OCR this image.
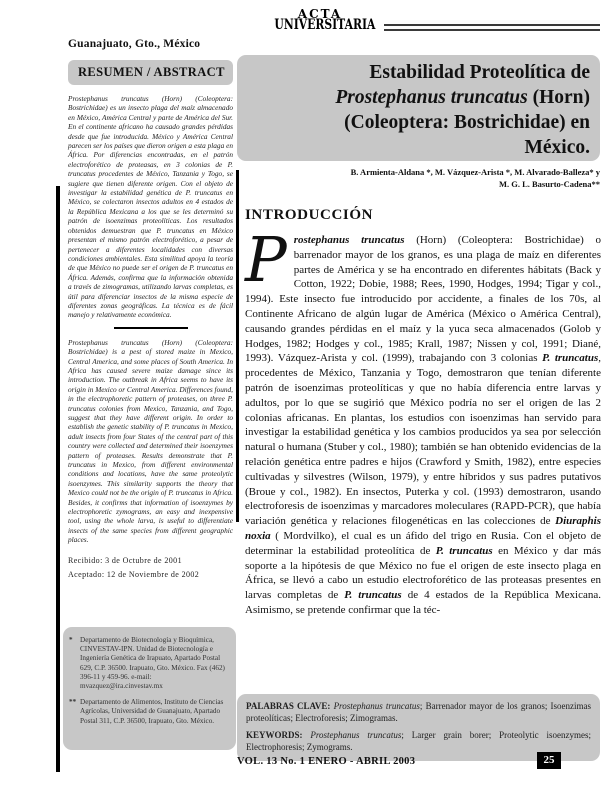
Guanajuato, Gto., México
ACTA
UNIVERSITARIA
Estabilidad Proteolítica de
Prostephanus truncatus (Horn)
(Coleoptera: Bostrichidae) en
México.
B. Armienta-Aldana *, M. Vázquez-Arista *, M. Alvarado-Balleza* y
M. G. L. Basurto-Cadena**
RESUMEN / ABSTRACT

Prostephanus truncatus (Horn) (Coleoptera: Bostrichidae) es un insecto plaga del maíz almacenado en México, América Central y parte de América del Sur. En el continente africano ha causado grandes pérdidas desde que fue introducida. México y América Central parecen ser los países que dieron origen a esta plaga en África. Por diferencias encontradas, en el patrón electroforético de proteasas, en 3 colonias de P. truncatus procedentes de México, Tanzania y Togo, se sugiere que tienen diferente origen. Con el objeto de investigar la estabilidad genética de P. truncatus en México, se colectaron insectos adultos en 4 estados de la República Mexicana a los que se les determinó su patrón de isoenzimas proteolíticas. Los resultados obtenidos demuestran que P. truncatus en México presentan el mismo patrón electroforético, a pesar de pertenecer a diferentes localidades con diversas condiciones ambientales. Esta similitud apoya la teoría de que México no puede ser el origen de P. truncatus en África. Además, confirma que la información obtenida a través de zimogramas, utilizando larvas completas, es útil para diferenciar insectos de la misma especie de diferentes zonas geográficas. La técnica es de fácil manejo y relativamente económica.

Prostephanus truncatus (Horn) (Coleoptera: Bostrichidae) is a pest of stored maize in Mexico, Central America, and some places of South America. In Africa has caused severe maize damage since its introduction. The outbreak in Africa seems to have its origin in Mexico or Central America. Differences found, in the electrophoretic pattern of proteases, on three P. truncatus colonies from Mexico, Tanzania, and Togo, suggest that they have different origin. In order to establish the genetic stability of P. truncatus in Mexico, adult insects from four States of the central part of this country were collected and determined their isoenzymes pattern of proteases. Results demonstrate that P. truncatus in Mexico, from different environmental conditions and locations, have the same proteolytic isoenzymes. This similarity supports the theory that Mexico could not be the origin of P. truncatus in Africa. Besides, it confirms that information of isoenzymes by electrophoretic zymograms, an easy and inexpensive tool, using the whole larva, is useful to differentiate insects of the same species from different geographic places.

Recibido: 3 de Octubre de 2001
Aceptado: 12 de Noviembre de 2002
*	Departamento de Biotecnología y Bioquímica, CINVESTAV-IPN. Unidad de Biotecnología e Ingeniería Genética de Irapuato, Apartado Postal 629, C.P. 36500. Irapuato, Gto. México. Fax (462) 396-11 y 459-96. e-mail: mvazquez@ira.cinvestav.mx
** Departamento de Alimentos, Instituto de Ciencias Agrícolas, Universidad de Guanajuato, Apartado Postal 311, C.P. 36500, Irapuato, Gto. México.
INTRODUCCIÓN

Prostephanus truncatus (Horn) (Coleoptera: Bostrichidae) o barrenador mayor de los granos, es una plaga de maíz en diferentes partes de América y se ha encontrado en diferentes hábitats (Back y Cotton, 1922; Dobie, 1988; Rees, 1990, Hodges, 1994; Tigar y col., 1994). Este insecto fue introducido por accidente, a finales de los 70s, al Continente Africano de algún lugar de América (México o América Central), causando grandes pérdidas en el maíz y la yuca seca almacenados (Golob y Hodges, 1982; Hodges y col., 1985; Krall, 1987; Nissen y col, 1991; Diané, 1993). Vázquez-Arista y col. (1999), trabajando con 3 colonias P. truncatus, procedentes de México, Tanzania y Togo, demostraron que tenían diferente patrón de isoenzimas proteolíticas y que no había diferencia entre larvas y adultos, por lo que se sugirió que México podría no ser el origen de las 2 colonias africanas. En plantas, los estudios con isoenzimas han servido para investigar la estabilidad genética y los cambios producidos ya sea por selección natural o humana (Stuber y col., 1980); también se han obtenido evidencias de la relación genética entre padres e hijos (Crawford y Smith, 1982), entre especies cultivadas y silvestres (Wilson, 1979), y entre híbridos y sus padres putativos (Broue y col., 1982). En insectos, Puterka y col. (1993) demostraron, usando electroforesis de isoenzimas y marcadores moleculares (RAPD-PCR), que había variación genética y relaciones filogenéticas en las colecciones de Diuraphis noxia ( Mordvilko), el cual es un áfido del trigo en Rusia. Con el objeto de determinar la estabilidad proteolítica de P. truncatus en México y dar más soporte a la hipótesis de que México no fue el origen de este insecto plaga en África, se llevó a cabo un estudio electroforético de las proteasas presentes en larvas completas de P. truncatus de 4 estados de la República Mexicana. Asimismo, se pretende confirmar que la téc-

PALABRAS CLAVE: Prostephanus truncatus; Barrenador mayor de los granos; Isoenzimas proteolíticas; Electroforesis; Zimogramas.

KEYWORDS: Prostephanus truncatus; Larger grain borer; Proteolytic isoenzymes; Electrophoresis; Zymograms.

VOL. 13 No. 1 ENERO - ABRIL 2003	25
